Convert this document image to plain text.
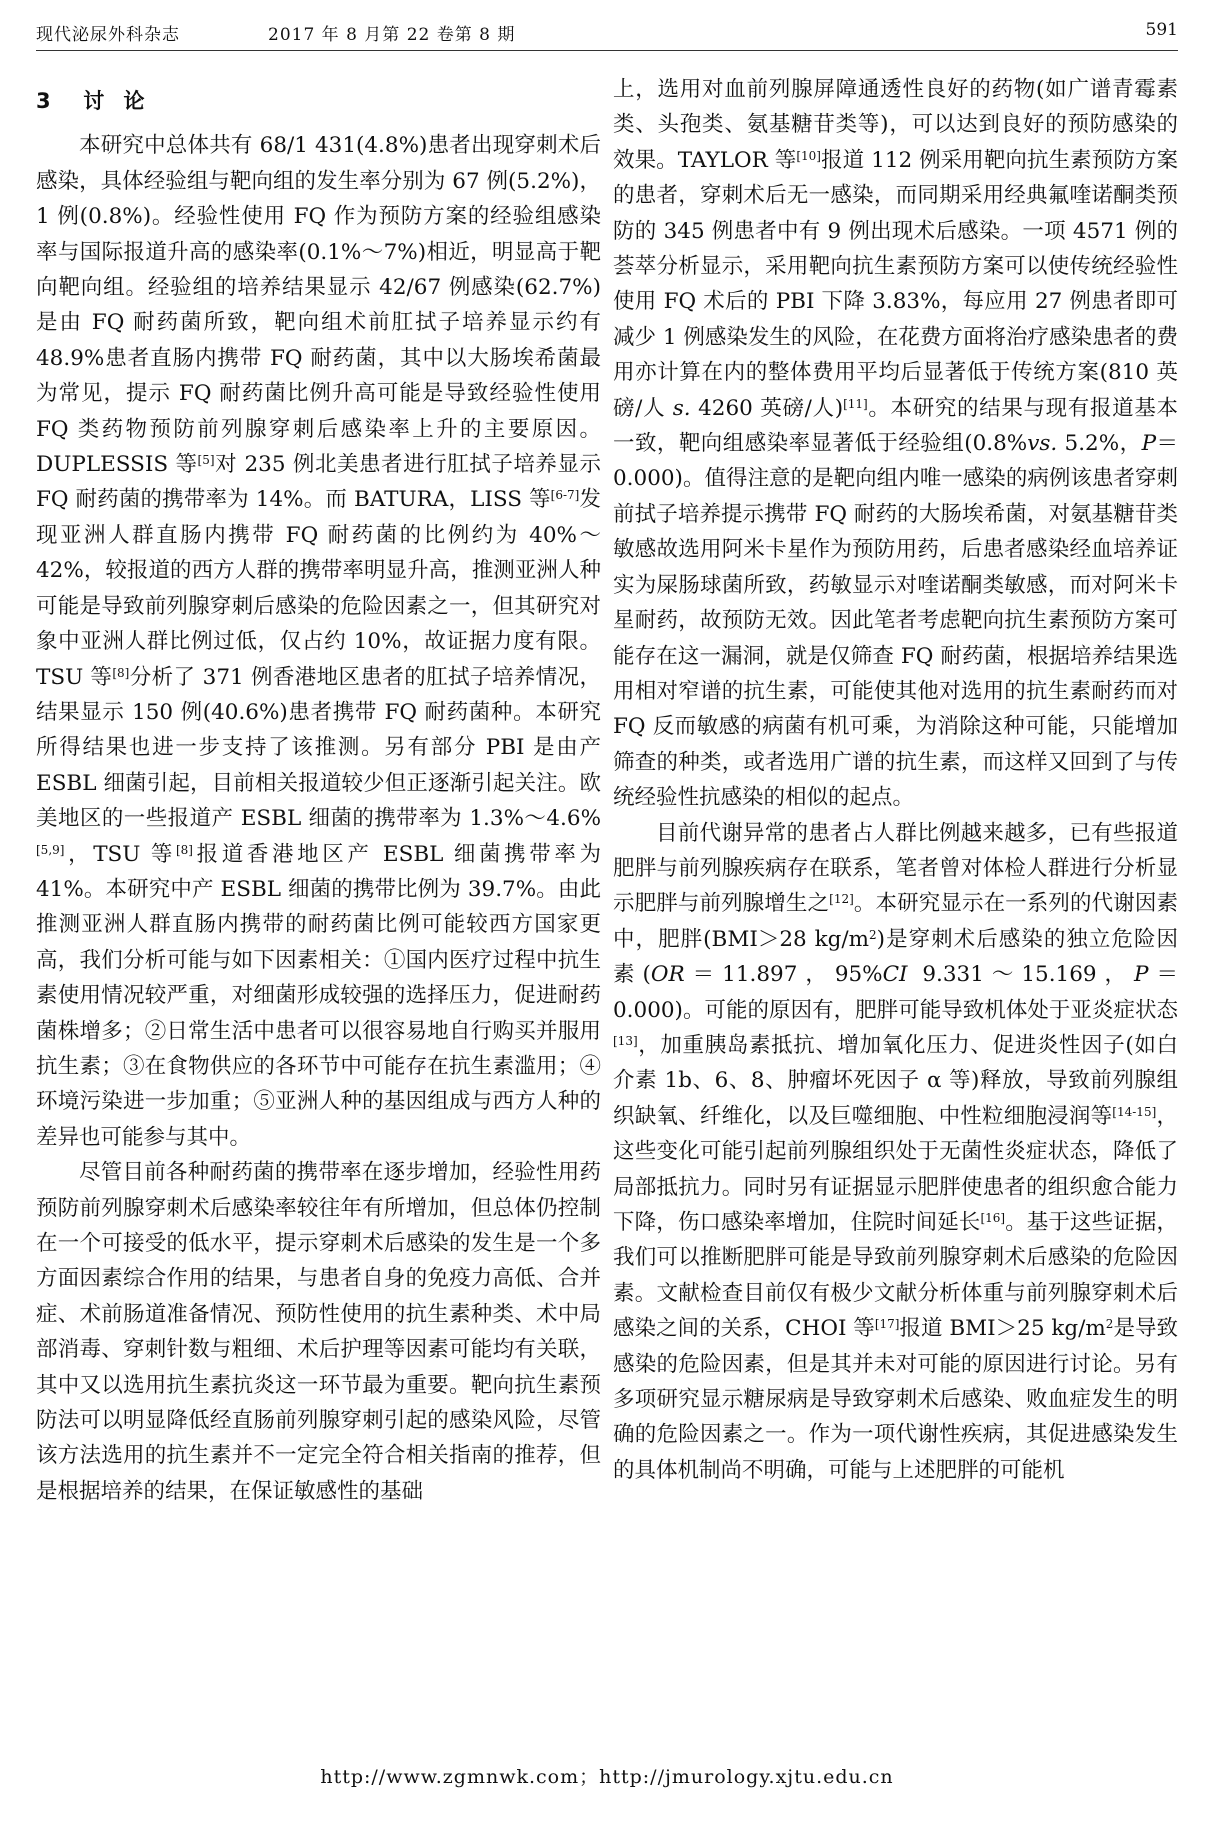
现代泌尿外科杂志	2017 年 8 月第 22 卷第 8 期	591
3 讨 论

本研究中总体共有 68/1 431(4.8%)患者出现穿刺术后感染，具体经验组与靶向组的发生率分别为 67 例(5.2%)，1 例(0.8%)。经验性使用 FQ 作为预防方案的经验组感染率与国际报道升高的感染率(0.1%～7%)相近，明显高于靶向靶向组。经验组的培养结果显示 42/67 例感染(62.7%)是由 FQ 耐药菌所致，靶向组术前肛拭子培养显示约有 48.9%患者直肠内携带 FQ 耐药菌，其中以大肠埃希菌最为常见，提示 FQ 耐药菌比例升高可能是导致经验性使用 FQ 类药物预防前列腺穿刺后感染率上升的主要原因。DUPLESSIS 等[5]对 235 例北美患者进行肛拭子培养显示 FQ 耐药菌的携带率为 14%。而 BATURA，LISS 等[6-7]发现亚洲人群直肠内携带 FQ 耐药菌的比例约为 40%～42%，较报道的西方人群的携带率明显升高，推测亚洲人种可能是导致前列腺穿刺后感染的危险因素之一，但其研究对象中亚洲人群比例过低，仅占约 10%，故证据力度有限。TSU 等[8]分析了 371 例香港地区患者的肛拭子培养情况，结果显示 150 例(40.6%)患者携带 FQ 耐药菌种。本研究所得结果也进一步支持了该推测。另有部分 PBI 是由产 ESBL 细菌引起，目前相关报道较少但正逐渐引起关注。欧美地区的一些报道产 ESBL 细菌的携带率为 1.3%～4.6%[5,9]，TSU 等[8]报道香港地区产 ESBL 细菌携带率为 41%。本研究中产 ESBL 细菌的携带比例为 39.7%。由此推测亚洲人群直肠内携带的耐药菌比例可能较西方国家更高，我们分析可能与如下因素相关：①国内医疗过程中抗生素使用情况较严重，对细菌形成较强的选择压力，促进耐药菌株增多；②日常生活中患者可以很容易地自行购买并服用抗生素；③在食物供应的各环节中可能存在抗生素滥用；④环境污染进一步加重；⑤亚洲人种的基因组成与西方人种的差异也可能参与其中。

尽管目前各种耐药菌的携带率在逐步增加，经验性用药预防前列腺穿刺术后感染率较往年有所增加，但总体仍控制在一个可接受的低水平，提示穿刺术后感染的发生是一个多方面因素综合作用的结果，与患者自身的免疫力高低、合并症、术前肠道准备情况、预防性使用的抗生素种类、术中局部消毒、穿刺针数与粗细、术后护理等因素可能均有关联，其中又以选用抗生素抗炎这一环节最为重要。靶向抗生素预防法可以明显降低经直肠前列腺穿刺引起的感染风险，尽管该方法选用的抗生素并不一定完全符合相关指南的推荐，但是根据培养的结果，在保证敏感性的基础

上，选用对血前列腺屏障通透性良好的药物(如广谱青霉素类、头孢类、氨基糖苷类等)，可以达到良好的预防感染的效果。TAYLOR 等[10]报道 112 例采用靶向抗生素预防方案的患者，穿刺术后无一感染，而同期采用经典氟喹诺酮类预防的 345 例患者中有 9 例出现术后感染。一项 4571 例的荟萃分析显示，采用靶向抗生素预防方案可以使传统经验性使用 FQ 术后的 PBI 下降 3.83%，每应用 27 例患者即可减少 1 例感染发生的风险，在花费方面将治疗感染患者的费用亦计算在内的整体费用平均后显著低于传统方案(810 英磅/人 s. 4260 英磅/人)[11]。本研究的结果与现有报道基本一致，靶向组感染率显著低于经验组(0.8%vs. 5.2%，P＝0.000)。值得注意的是靶向组内唯一感染的病例该患者穿刺前拭子培养提示携带 FQ 耐药的大肠埃希菌，对氨基糖苷类敏感故选用阿米卡星作为预防用药，后患者感染经血培养证实为屎肠球菌所致，药敏显示对喹诺酮类敏感，而对阿米卡星耐药，故预防无效。因此笔者考虑靶向抗生素预防方案可能存在这一漏洞，就是仅筛查 FQ 耐药菌，根据培养结果选用相对窄谱的抗生素，可能使其他对选用的抗生素耐药而对 FQ 反而敏感的病菌有机可乘，为消除这种可能，只能增加筛查的种类，或者选用广谱的抗生素，而这样又回到了与传统经验性抗感染的相似的起点。

目前代谢异常的患者占人群比例越来越多，已有些报道肥胖与前列腺疾病存在联系，笔者曾对体检人群进行分析显示肥胖与前列腺增生之[12]。本研究显示在一系列的代谢因素中，肥胖(BMI＞28 $kg/m^2$)是穿刺术后感染的独立危险因素(OR＝11.897，95%CI 9.331～15.169，P＝0.000)。可能的原因有，肥胖可能导致机体处于亚炎症状态[13]，加重胰岛素抵抗、增加氧化压力、促进炎性因子(如白介素 1b、6、8、肿瘤坏死因子 α 等)释放，导致前列腺组织缺氧、纤维化，以及巨噬细胞、中性粒细胞浸润等[14-15]，这些变化可能引起前列腺组织处于无菌性炎症状态，降低了局部抵抗力。同时另有证据显示肥胖使患者的组织愈合能力下降，伤口感染率增加，住院时间延长[16]。基于这些证据，我们可以推断肥胖可能是导致前列腺穿刺术后感染的危险因素。文献检查目前仅有极少文献分析体重与前列腺穿刺术后感染之间的关系，CHOI 等[17]报道 BMI＞25 $kg/m^2$是导致感染的危险因素，但是其并未对可能的原因进行讨论。另有多项研究显示糖尿病是导致穿刺术后感染、败血症发生的明确的危险因素之一。作为一项代谢性疾病，其促进感染发生的具体机制尚不明确，可能与上述肥胖的可能机

http://www.zgmnwk.com；http://jmurology.xjtu.edu.cn
